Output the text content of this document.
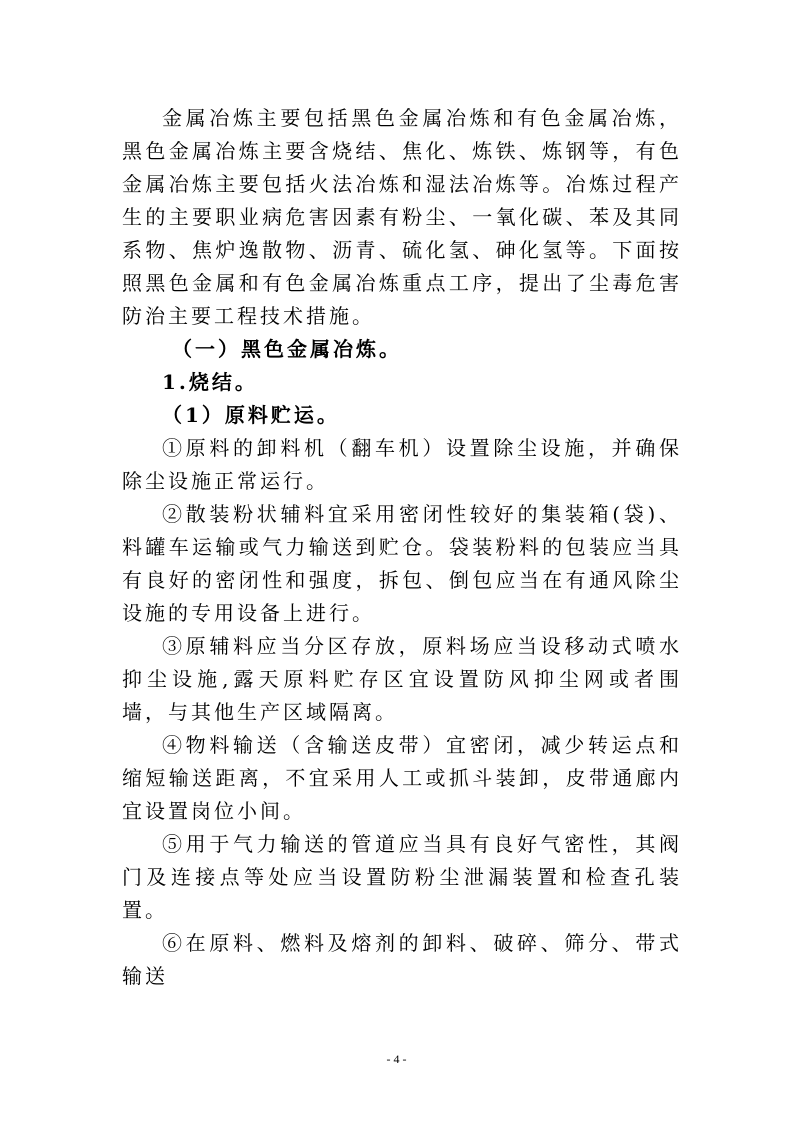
金属冶炼主要包括黑色金属冶炼和有色金属冶炼，黑色金属冶炼主要含烧结、焦化、炼铁、炼钢等，有色金属冶炼主要包括火法冶炼和湿法冶炼等。冶炼过程产生的主要职业病危害因素有粉尘、一氧化碳、苯及其同系物、焦炉逸散物、沥青、硫化氢、砷化氢等。下面按照黑色金属和有色金属冶炼重点工序，提出了尘毒危害防治主要工程技术措施。

（一）黑色金属冶炼。

1.烧结。

（1）原料贮运。

①原料的卸料机（翻车机）设置除尘设施，并确保除尘设施正常运行。

②散装粉状辅料宜采用密闭性较好的集装箱(袋)、料罐车运输或气力输送到贮仓。袋装粉料的包装应当具有良好的密闭性和强度，拆包、倒包应当在有通风除尘设施的专用设备上进行。

③原辅料应当分区存放，原料场应当设移动式喷水抑尘设施,露天原料贮存区宜设置防风抑尘网或者围墙，与其他生产区域隔离。

④物料输送（含输送皮带）宜密闭，减少转运点和缩短输送距离，不宜采用人工或抓斗装卸，皮带通廊内宜设置岗位小间。

⑤用于气力输送的管道应当具有良好气密性，其阀门及连接点等处应当设置防粉尘泄漏装置和检查孔装置。

⑥在原料、燃料及熔剂的卸料、破碎、筛分、带式输送

- 4 -
